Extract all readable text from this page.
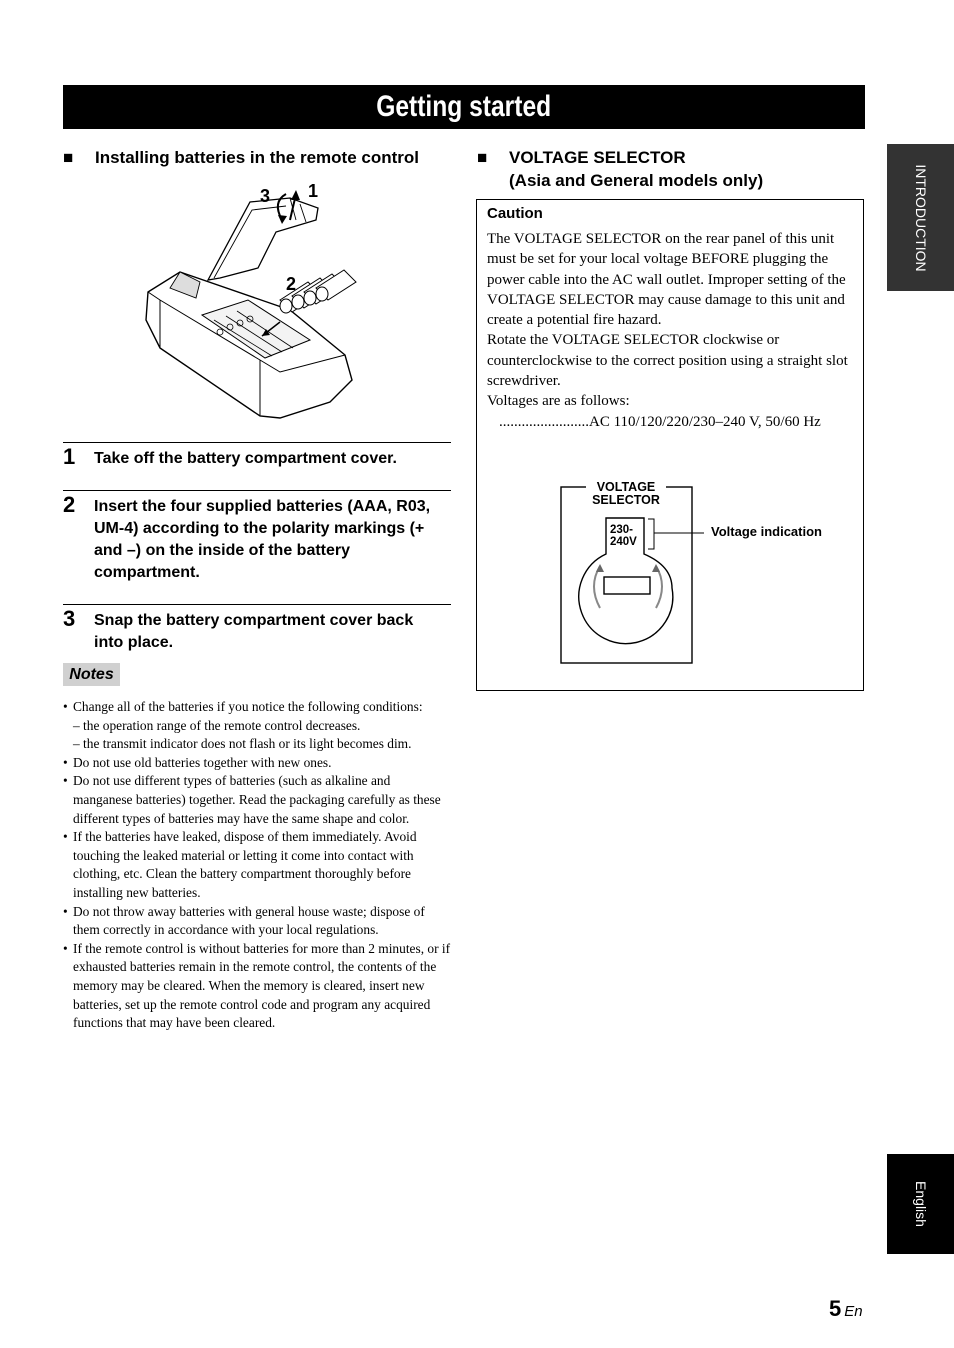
Getting started
INTRODUCTION
English
■ Installing batteries in the remote control
3 1
2
1 Take off the battery compartment cover.
2 Insert the four supplied batteries (AAA, R03, UM-4) according to the polarity markings (+ and –) on the inside of the battery compartment.
3 Snap the battery compartment cover back into place.
Notes
• Change all of the batteries if you notice the following conditions:
– the operation range of the remote control decreases.
– the transmit indicator does not flash or its light becomes dim.
• Do not use old batteries together with new ones.
• Do not use different types of batteries (such as alkaline and manganese batteries) together. Read the packaging carefully as these different types of batteries may have the same shape and color.
• If the batteries have leaked, dispose of them immediately. Avoid touching the leaked material or letting it come into contact with clothing, etc. Clean the battery compartment thoroughly before installing new batteries.
• Do not throw away batteries with general house waste; dispose of them correctly in accordance with your local regulations.
• If the remote control is without batteries for more than 2 minutes, or if exhausted batteries remain in the remote control, the contents of the memory may be cleared. When the memory is cleared, insert new batteries, set up the remote control code and program any acquired functions that may have been cleared.
■ VOLTAGE SELECTOR
(Asia and General models only)
Caution
The VOLTAGE SELECTOR on the rear panel of this unit must be set for your local voltage BEFORE plugging the power cable into the AC wall outlet. Improper setting of the VOLTAGE SELECTOR may cause damage to this unit and create a potential fire hazard.
Rotate the VOLTAGE SELECTOR clockwise or counterclockwise to the correct position using a straight slot screwdriver.
Voltages are as follows:
........................AC 110/120/220/230–240 V, 50/60 Hz
VOLTAGE
SELECTOR
230-
240V
Voltage indication
5 En
